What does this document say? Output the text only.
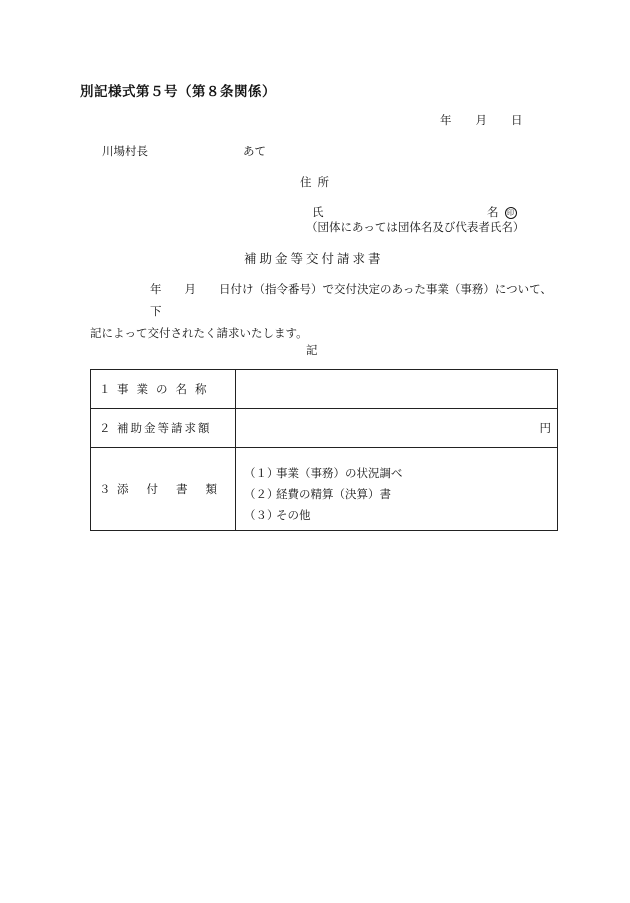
別記様式第５号（第８条関係）
年 月 日
川場村長	あて
住所
氏	名 印
（団体にあっては団体名及び代表者氏名）
補助金等交付請求書
年　　月　　日付け（指令番号）で交付決定のあった事業（事務）について、下
記によって交付されたく請求いたします。
記
１ 事業の名称	
２ 補助金等請求額	円
３ 添付書類	（１）事業（事務）の状況調べ
（２）経費の精算（決算）書
（３）その他
